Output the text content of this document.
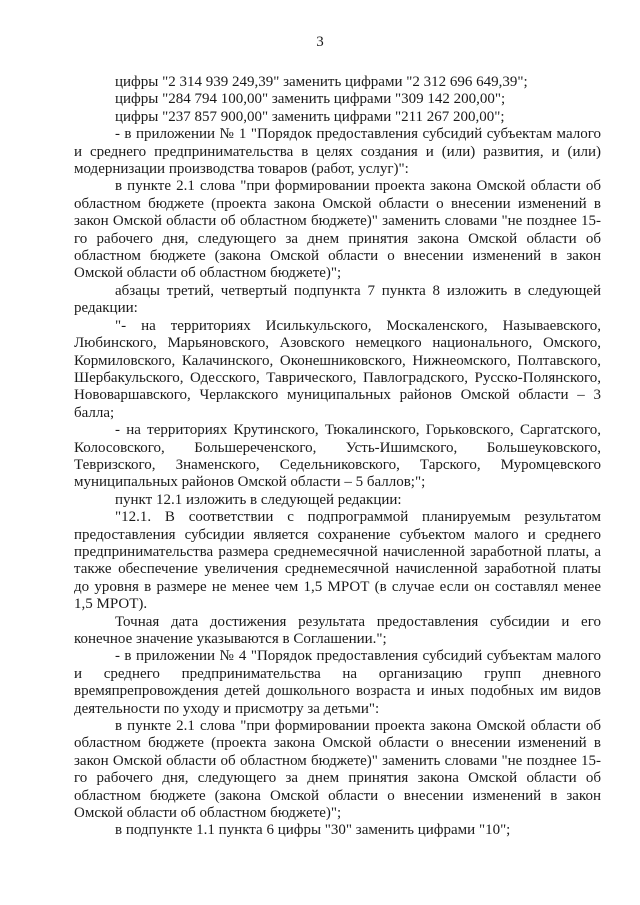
3

цифры "2 314 939 249,39" заменить цифрами "2 312 696 649,39";

цифры "284 794 100,00" заменить цифрами "309 142 200,00";

цифры "237 857 900,00" заменить цифрами "211 267 200,00";

- в приложении № 1 "Порядок предоставления субсидий субъектам малого и среднего предпринимательства в целях создания и (или) развития, и (или) модернизации производства товаров (работ, услуг)":

в пункте 2.1 слова "при формировании проекта закона Омской области об областном бюджете (проекта закона Омской области о внесении изменений в закон Омской области об областном бюджете)" заменить словами "не позднее 15-го рабочего дня, следующего за днем принятия закона Омской области об областном бюджете (закона Омской области о внесении изменений в закон Омской области об областном бюджете)";

абзацы третий, четвертый подпункта 7 пункта 8 изложить в следующей редакции:

"- на территориях Исилькульского, Москаленского, Называевского, Любинского, Марьяновского, Азовского немецкого национального, Омского, Кормиловского, Калачинского, Оконешниковского, Нижнеомского, Полтавского, Шербакульского, Одесского, Таврического, Павлоградского, Русско-Полянского, Нововаршавского, Черлакского муниципальных районов Омской области – 3 балла;

- на территориях Крутинского, Тюкалинского, Горьковского, Саргатского, Колосовского, Большереченского, Усть-Ишимского, Большеуковского, Тевризского, Знаменского, Седельниковского, Тарского, Муромцевского муниципальных районов Омской области – 5 баллов;";

пункт 12.1 изложить в следующей редакции:

"12.1. В соответствии с подпрограммой планируемым результатом предоставления субсидии является сохранение субъектом малого и среднего предпринимательства размера среднемесячной начисленной заработной платы, а также обеспечение увеличения среднемесячной начисленной заработной платы до уровня в размере не менее чем 1,5 МРОТ (в случае если он составлял менее 1,5 МРОТ).

Точная дата достижения результата предоставления субсидии и его конечное значение указываются в Соглашении.";

- в приложении № 4 "Порядок предоставления субсидий субъектам малого и среднего предпринимательства на организацию групп дневного времяпрепровождения детей дошкольного возраста и иных подобных им видов деятельности по уходу и присмотру за детьми":

в пункте 2.1 слова "при формировании проекта закона Омской области об областном бюджете (проекта закона Омской области о внесении изменений в закон Омской области об областном бюджете)" заменить словами "не позднее 15-го рабочего дня, следующего за днем принятия закона Омской области об областном бюджете (закона Омской области о внесении изменений в закон Омской области об областном бюджете)";

в подпункте 1.1 пункта 6 цифры "30" заменить цифрами "10";
